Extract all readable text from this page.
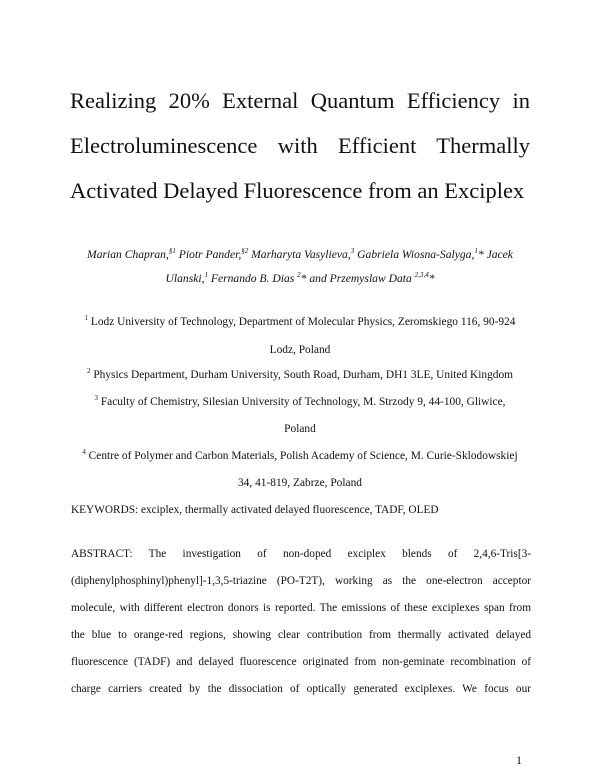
Realizing 20% External Quantum Efficiency in
Electroluminescence with Efficient Thermally
Activated Delayed Fluorescence from an Exciplex
Marian Chapran,$^{\S 1}$ Piotr Pander,$^{\S 2}$ Marharyta Vasylieva,$^3$ Gabriela Wiosna-Salyga,$^1$* Jacek
Ulanski,$^1$ Fernando B. Dias $^2$* and Przemyslaw Data $^{2,3,4}$*
$^1$ Lodz University of Technology, Department of Molecular Physics, Zeromskiego 116, 90-924
Lodz, Poland
$^2$ Physics Department, Durham University, South Road, Durham, DH1 3LE, United Kingdom
$^3$ Faculty of Chemistry, Silesian University of Technology, M. Strzody 9, 44-100, Gliwice,
Poland
$^4$ Centre of Polymer and Carbon Materials, Polish Academy of Science, M. Curie-Sklodowskiej
34, 41-819, Zabrze, Poland
KEYWORDS: exciplex, thermally activated delayed fluorescence, TADF, OLED
ABSTRACT: The investigation of non-doped exciplex blends of 2,4,6-Tris[3-
(diphenylphosphinyl)phenyl]-1,3,5-triazine (PO-T2T), working as the one-electron acceptor
molecule, with different electron donors is reported. The emissions of these exciplexes span from
the blue to orange-red regions, showing clear contribution from thermally activated delayed
fluorescence (TADF) and delayed fluorescence originated from non-geminate recombination of
charge carriers created by the dissociation of optically generated exciplexes. We focus our
1
